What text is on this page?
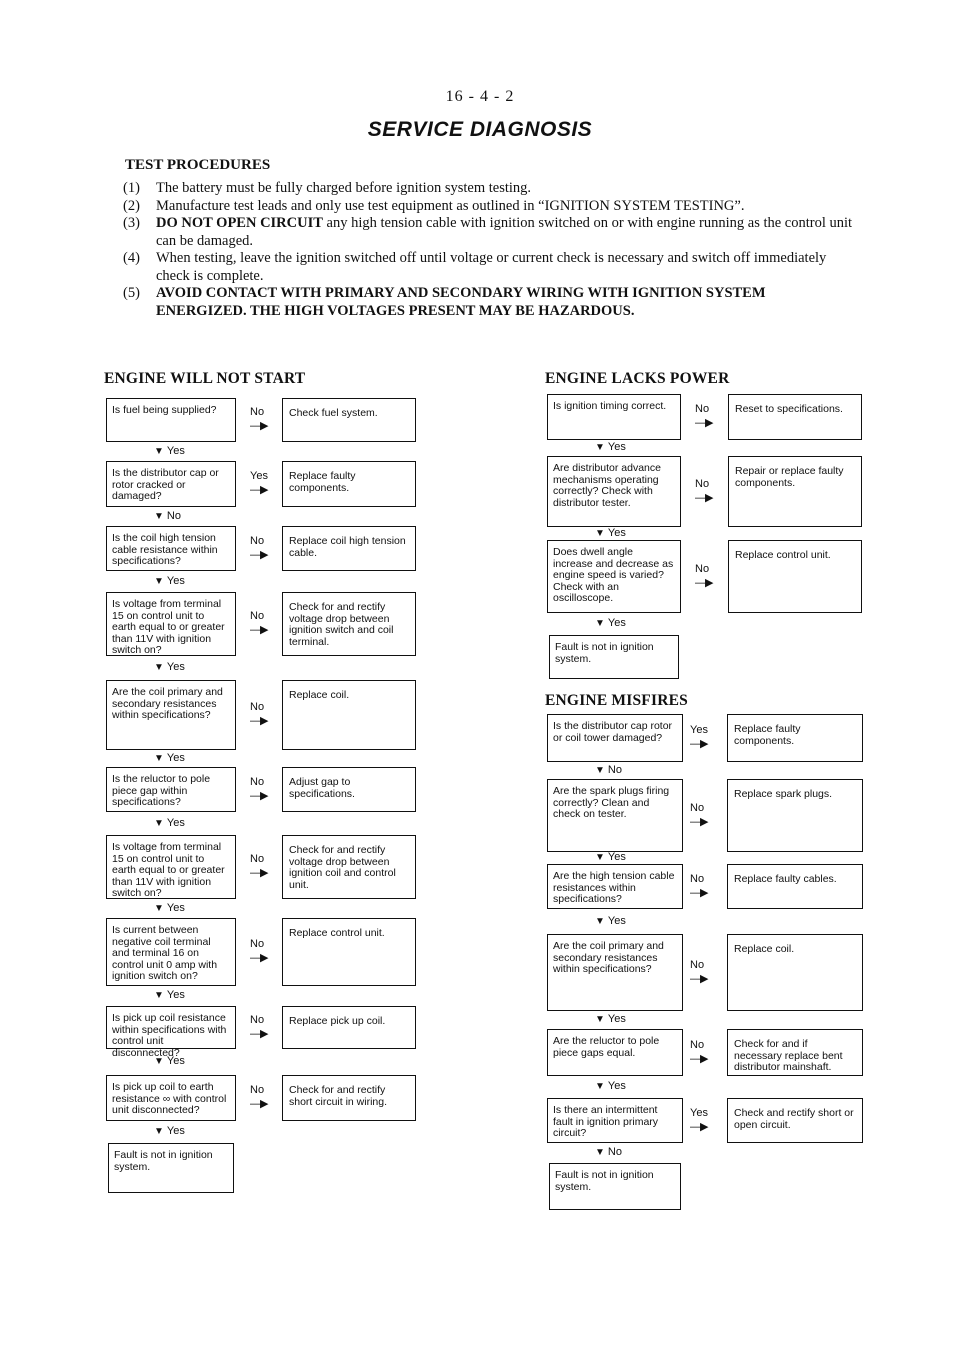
16 - 4 - 2
SERVICE DIAGNOSIS
TEST PROCEDURES
(1)	The battery must be fully charged before ignition system testing.
(2)	Manufacture test leads and only use test equipment as outlined in “IGNITION SYSTEM TESTING”.
(3)	DO NOT OPEN CIRCUIT any high tension cable with ignition switched on or with engine running as the control unit can be damaged.
(4)	When testing, leave the ignition switched off until voltage or current check is necessary and switch off immediately check is complete.
(5)	AVOID CONTACT WITH PRIMARY AND SECONDARY WIRING WITH IGNITION SYSTEM ENERGIZED. THE HIGH VOLTAGES PRESENT MAY BE HAZARDOUS.
ENGINE WILL NOT START	ENGINE LACKS POWER
ENGINE MISFIRES
Is fuel being supplied?	No
—▶
Check fuel system.
▼ Yes
Is the distributor cap or rotor cracked or damaged?
Yes
—▶
Replace faulty components.
▼ No
Is the coil high tension cable resistance within specifications?
No
—▶
Replace coil high tension cable.
▼ Yes
Is voltage from terminal 15 on control unit to earth equal to or greater than 11V with ignition switch on?
No
—▶
Check for and rectify voltage drop between ignition switch and coil terminal.
▼ Yes
Are the coil primary and secondary resistances within specifications?
No
—▶
Replace coil.
▼ Yes
Is the reluctor to pole piece gap within specifications?
No
—▶
Adjust gap to specifications.
▼ Yes
Is voltage from terminal 15 on control unit to earth equal to or greater than 11V with ignition switch on?
No
—▶
Check for and rectify voltage drop between ignition coil and control unit.
▼ Yes
Is current between negative coil terminal and terminal 16 on control unit 0 amp with ignition switch on?
No
—▶
Replace control unit.
▼ Yes
Is pick up coil resistance within specifications with control unit disconnected?
No
—▶
Replace pick up coil.
▼ Yes
Is pick up coil to earth resistance ∞ with control unit disconnected?
No
—▶
Check for and rectify short circuit in wiring.
▼ Yes
Fault is not in ignition system.
Is ignition timing correct.	No
—▶
Reset to specifications.
▼ Yes
Are distributor advance mechanisms operating correctly? Check with distributor tester.
No
—▶
Repair or replace faulty components.
▼ Yes
Does dwell angle increase and decrease as engine speed is varied? Check with an oscilloscope.
No
—▶
Replace control unit.
▼ Yes
Fault is not in ignition system.
Is the distributor cap rotor or coil tower damaged?
Yes
—▶
Replace faulty components.
▼ No
Are the spark plugs firing correctly? Clean and check on tester.
No
—▶
Replace spark plugs.
▼ Yes
Are the high tension cable resistances within specifications?
No
—▶
Replace faulty cables.
▼ Yes
Are the coil primary and secondary resistances within specifications?	No
—▶
Replace coil.
▼ Yes
Are the reluctor to pole piece gaps equal.
No
—▶
Check for and if necessary replace bent distributor mainshaft.
▼ Yes
Is there an intermittent fault in ignition primary circuit?
Yes
—▶
Check and rectify short or open circuit.
▼ No
Fault is not in ignition system.
